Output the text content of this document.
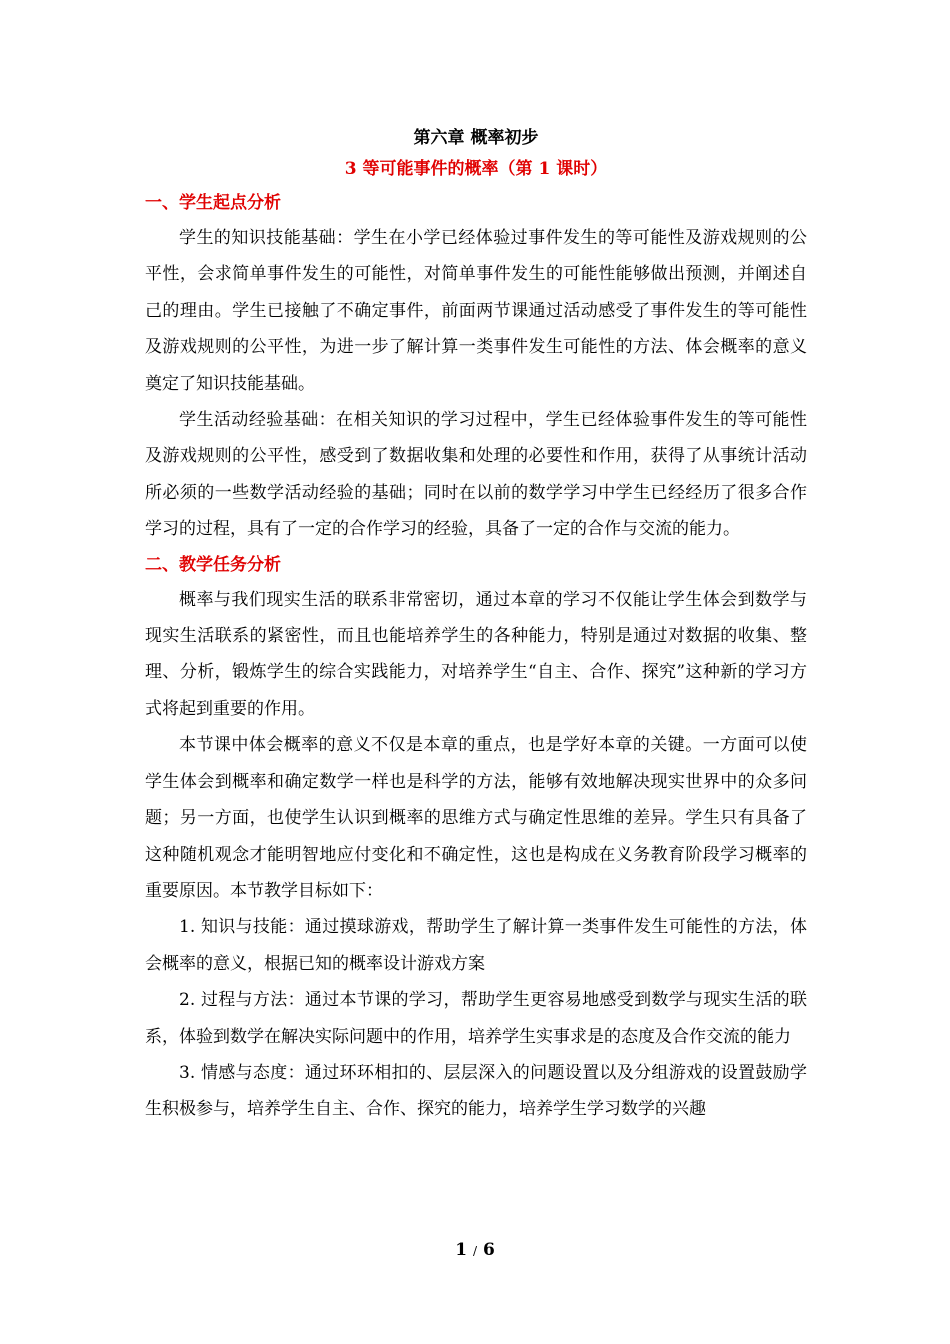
第六章 概率初步
3 等可能事件的概率（第 1 课时）
一、学生起点分析

学生的知识技能基础：学生在小学已经体验过事件发生的等可能性及游戏规则的公平性，会求简单事件发生的可能性，对简单事件发生的可能性能够做出预测，并阐述自己的理由。学生已接触了不确定事件，前面两节课通过活动感受了事件发生的等可能性及游戏规则的公平性，为进一步了解计算一类事件发生可能性的方法、体会概率的意义奠定了知识技能基础。

学生活动经验基础：在相关知识的学习过程中，学生已经体验事件发生的等可能性及游戏规则的公平性，感受到了数据收集和处理的必要性和作用，获得了从事统计活动所必须的一些数学活动经验的基础；同时在以前的数学学习中学生已经经历了很多合作学习的过程，具有了一定的合作学习的经验，具备了一定的合作与交流的能力。

二、教学任务分析

概率与我们现实生活的联系非常密切，通过本章的学习不仅能让学生体会到数学与现实生活联系的紧密性，而且也能培养学生的各种能力，特别是通过对数据的收集、整理、分析，锻炼学生的综合实践能力，对培养学生“自主、合作、探究”这种新的学习方式将起到重要的作用。

本节课中体会概率的意义不仅是本章的重点，也是学好本章的关键。一方面可以使学生体会到概率和确定数学一样也是科学的方法，能够有效地解决现实世界中的众多问题；另一方面，也使学生认识到概率的思维方式与确定性思维的差异。学生只有具备了这种随机观念才能明智地应付变化和不确定性，这也是构成在义务教育阶段学习概率的重要原因。本节教学目标如下：

1. 知识与技能：通过摸球游戏，帮助学生了解计算一类事件发生可能性的方法，体会概率的意义，根据已知的概率设计游戏方案

2. 过程与方法：通过本节课的学习，帮助学生更容易地感受到数学与现实生活的联系，体验到数学在解决实际问题中的作用，培养学生实事求是的态度及合作交流的能力

3. 情感与态度：通过环环相扣的、层层深入的问题设置以及分组游戏的设置鼓励学生积极参与，培养学生自主、合作、探究的能力，培养学生学习数学的兴趣

1 / 6
